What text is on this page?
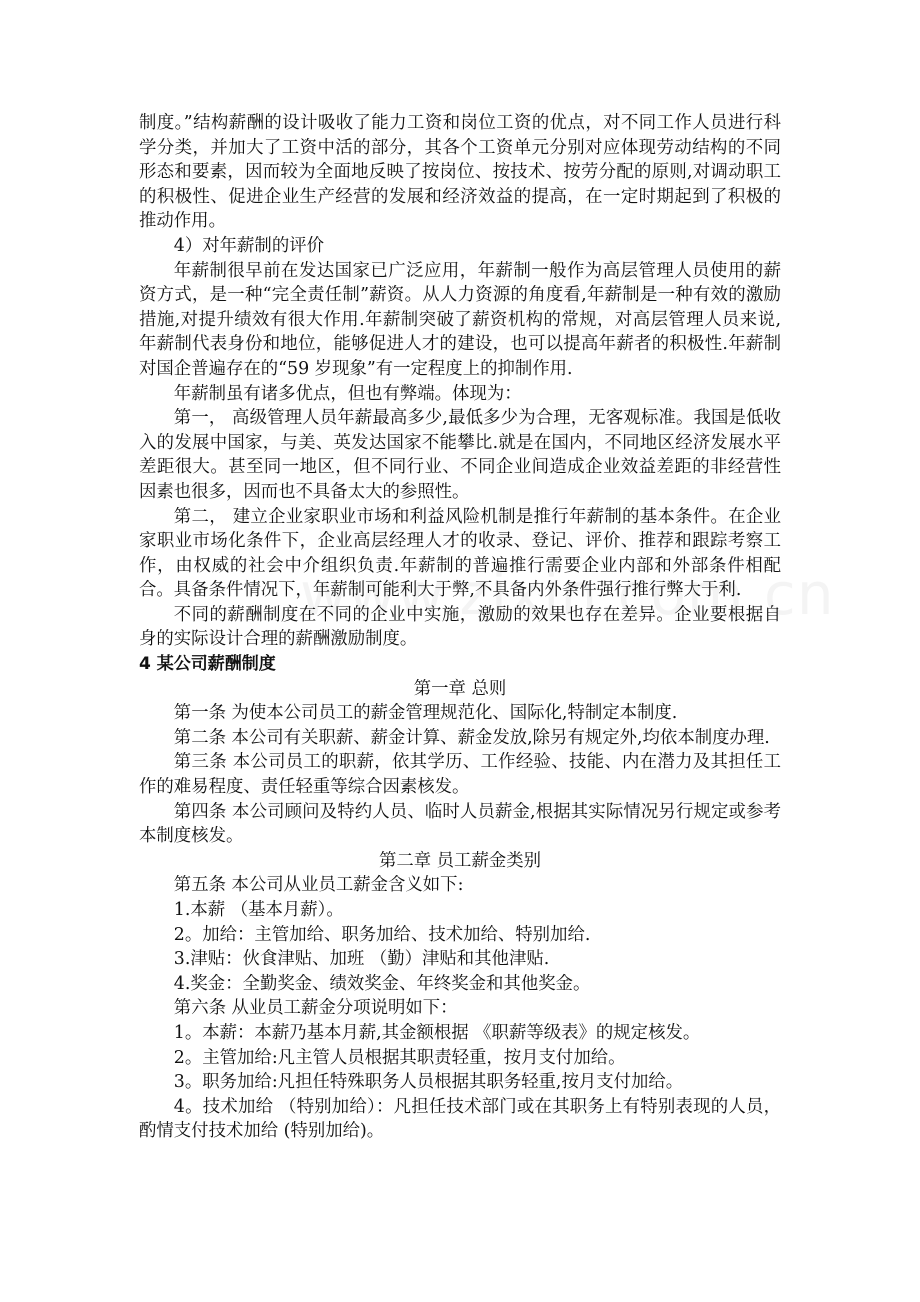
制度。”结构薪酬的设计吸收了能力工资和岗位工资的优点，对不同工作人员进行科学分类，并加大了工资中活的部分，其各个工资单元分别对应体现劳动结构的不同形态和要素，因而较为全面地反映了按岗位、按技术、按劳分配的原则,对调动职工的积极性、促进企业生产经营的发展和经济效益的提高，在一定时期起到了积极的推动作用。

4）对年薪制的评价

年薪制很早前在发达国家已广泛应用，年薪制一般作为高层管理人员使用的薪资方式，是一种“完全责任制”薪资。从人力资源的角度看,年薪制是一种有效的激励措施,对提升绩效有很大作用.年薪制突破了薪资机构的常规，对高层管理人员来说,年薪制代表身份和地位，能够促进人才的建设，也可以提高年薪者的积极性.年薪制对国企普遍存在的“59 岁现象”有一定程度上的抑制作用.

年薪制虽有诸多优点，但也有弊端。体现为：

第一， 高级管理人员年薪最高多少,最低多少为合理，无客观标准。我国是低收入的发展中国家，与美、英发达国家不能攀比.就是在国内，不同地区经济发展水平差距很大。甚至同一地区，但不同行业、不同企业间造成企业效益差距的非经营性因素也很多，因而也不具备太大的参照性。

第二， 建立企业家职业市场和利益风险机制是推行年薪制的基本条件。在企业家职业市场化条件下，企业高层经理人才的收录、登记、评价、推荐和跟踪考察工作，由权威的社会中介组织负责.年薪制的普遍推行需要企业内部和外部条件相配合。具备条件情况下，年薪制可能利大于弊,不具备内外条件强行推行弊大于利.

不同的薪酬制度在不同的企业中实施，激励的效果也存在差异。企业要根据自身的实际设计合理的薪酬激励制度。

4 某公司薪酬制度

第一章 总则

第一条 为使本公司员工的薪金管理规范化、国际化,特制定本制度.

第二条 本公司有关职薪、薪金计算、薪金发放,除另有规定外,均依本制度办理.

第三条 本公司员工的职薪，依其学历、工作经验、技能、内在潜力及其担任工作的难易程度、责任轻重等综合因素核发。

第四条 本公司顾问及特约人员、临时人员薪金,根据其实际情况另行规定或参考本制度核发。

第二章 员工薪金类别

第五条 本公司从业员工薪金含义如下:

1.本薪 （基本月薪）。

2。加给：主管加给、职务加给、技术加给、特别加给.

3.津贴：伙食津贴、加班 （勤）津贴和其他津贴.

4.奖金：全勤奖金、绩效奖金、年终奖金和其他奖金。

第六条 从业员工薪金分项说明如下：

1。本薪：本薪乃基本月薪,其金额根据 《职薪等级表》的规定核发。

2。主管加给:凡主管人员根据其职责轻重，按月支付加给。

3。职务加给:凡担任特殊职务人员根据其职务轻重,按月支付加给。

4。技术加给 （特别加给）：凡担任技术部门或在其职务上有特别表现的人员，酌情支付技术加给 (特别加给)。
